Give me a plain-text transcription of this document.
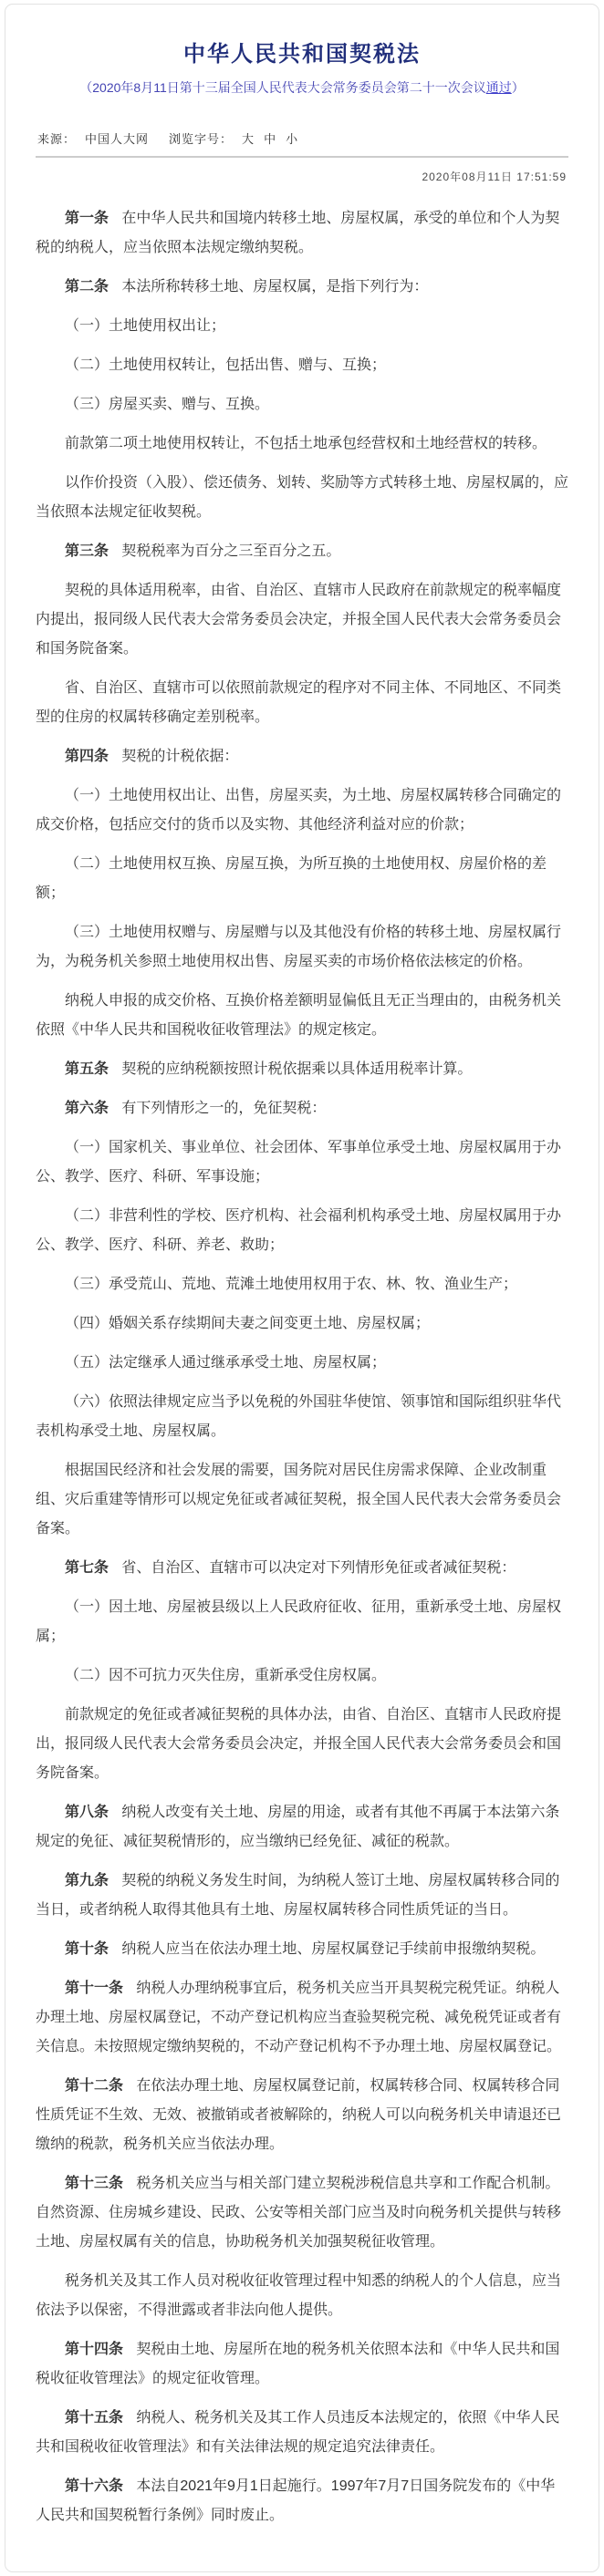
中华人民共和国契税法
（2020年8月11日第十三届全国人民代表大会常务委员会第二十一次会议通过）
来源： 中国人大网 浏览字号： 大 中 小
2020年08月11日 17:51:59

第一条 在中华人民共和国境内转移土地、房屋权属，承受的单位和个人为契税的纳税人，应当依照本法规定缴纳契税。

第二条 本法所称转移土地、房屋权属，是指下列行为：

（一）土地使用权出让；

（二）土地使用权转让，包括出售、赠与、互换；

（三）房屋买卖、赠与、互换。

前款第二项土地使用权转让，不包括土地承包经营权和土地经营权的转移。

以作价投资（入股）、偿还债务、划转、奖励等方式转移土地、房屋权属的，应当依照本法规定征收契税。

第三条 契税税率为百分之三至百分之五。

契税的具体适用税率，由省、自治区、直辖市人民政府在前款规定的税率幅度内提出，报同级人民代表大会常务委员会决定，并报全国人民代表大会常务委员会和国务院备案。

省、自治区、直辖市可以依照前款规定的程序对不同主体、不同地区、不同类型的住房的权属转移确定差别税率。

第四条 契税的计税依据：

（一）土地使用权出让、出售，房屋买卖，为土地、房屋权属转移合同确定的成交价格，包括应交付的货币以及实物、其他经济利益对应的价款；

（二）土地使用权互换、房屋互换，为所互换的土地使用权、房屋价格的差额；

（三）土地使用权赠与、房屋赠与以及其他没有价格的转移土地、房屋权属行为，为税务机关参照土地使用权出售、房屋买卖的市场价格依法核定的价格。

纳税人申报的成交价格、互换价格差额明显偏低且无正当理由的，由税务机关依照《中华人民共和国税收征收管理法》的规定核定。

第五条 契税的应纳税额按照计税依据乘以具体适用税率计算。

第六条 有下列情形之一的，免征契税：

（一）国家机关、事业单位、社会团体、军事单位承受土地、房屋权属用于办公、教学、医疗、科研、军事设施；

（二）非营利性的学校、医疗机构、社会福利机构承受土地、房屋权属用于办公、教学、医疗、科研、养老、救助；

（三）承受荒山、荒地、荒滩土地使用权用于农、林、牧、渔业生产；

（四）婚姻关系存续期间夫妻之间变更土地、房屋权属；

（五）法定继承人通过继承承受土地、房屋权属；

（六）依照法律规定应当予以免税的外国驻华使馆、领事馆和国际组织驻华代表机构承受土地、房屋权属。

根据国民经济和社会发展的需要，国务院对居民住房需求保障、企业改制重组、灾后重建等情形可以规定免征或者减征契税，报全国人民代表大会常务委员会备案。

第七条 省、自治区、直辖市可以决定对下列情形免征或者减征契税：

（一）因土地、房屋被县级以上人民政府征收、征用，重新承受土地、房屋权属；

（二）因不可抗力灭失住房，重新承受住房权属。

前款规定的免征或者减征契税的具体办法，由省、自治区、直辖市人民政府提出，报同级人民代表大会常务委员会决定，并报全国人民代表大会常务委员会和国务院备案。

第八条 纳税人改变有关土地、房屋的用途，或者有其他不再属于本法第六条规定的免征、减征契税情形的，应当缴纳已经免征、减征的税款。

第九条 契税的纳税义务发生时间，为纳税人签订土地、房屋权属转移合同的当日，或者纳税人取得其他具有土地、房屋权属转移合同性质凭证的当日。

第十条 纳税人应当在依法办理土地、房屋权属登记手续前申报缴纳契税。

第十一条 纳税人办理纳税事宜后，税务机关应当开具契税完税凭证。纳税人办理土地、房屋权属登记，不动产登记机构应当查验契税完税、减免税凭证或者有关信息。未按照规定缴纳契税的，不动产登记机构不予办理土地、房屋权属登记。

第十二条 在依法办理土地、房屋权属登记前，权属转移合同、权属转移合同性质凭证不生效、无效、被撤销或者被解除的，纳税人可以向税务机关申请退还已缴纳的税款，税务机关应当依法办理。

第十三条 税务机关应当与相关部门建立契税涉税信息共享和工作配合机制。自然资源、住房城乡建设、民政、公安等相关部门应当及时向税务机关提供与转移土地、房屋权属有关的信息，协助税务机关加强契税征收管理。

税务机关及其工作人员对税收征收管理过程中知悉的纳税人的个人信息，应当依法予以保密，不得泄露或者非法向他人提供。

第十四条 契税由土地、房屋所在地的税务机关依照本法和《中华人民共和国税收征收管理法》的规定征收管理。

第十五条 纳税人、税务机关及其工作人员违反本法规定的，依照《中华人民共和国税收征收管理法》和有关法律法规的规定追究法律责任。

第十六条 本法自2021年9月1日起施行。1997年7月7日国务院发布的《中华人民共和国契税暂行条例》同时废止。
